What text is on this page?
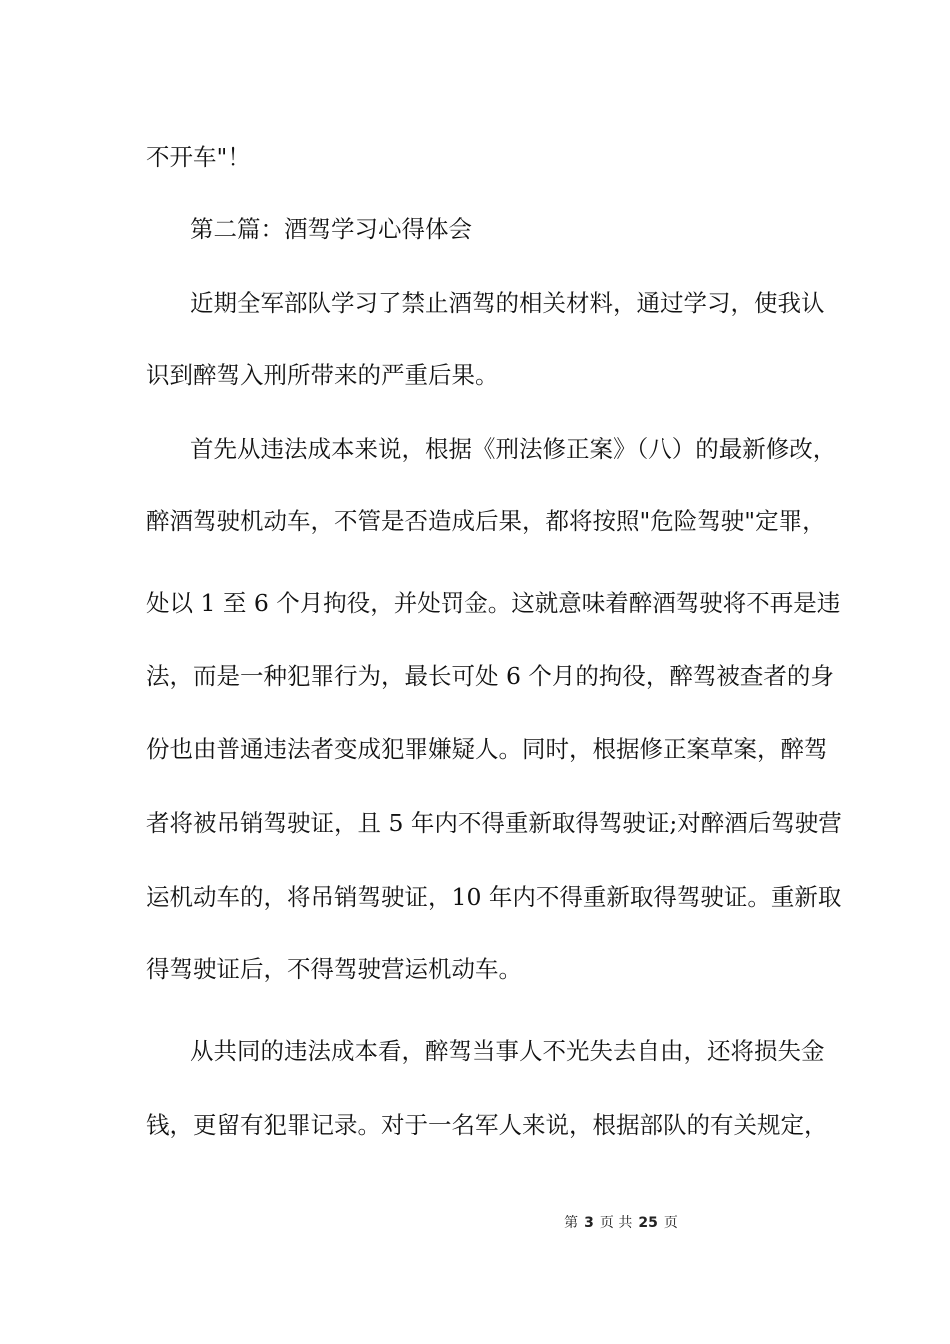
不开车"！
第二篇：酒驾学习心得体会
近期全军部队学习了禁止酒驾的相关材料，通过学习，使我认
识到醉驾入刑所带来的严重后果。
首先从违法成本来说，根据《刑法修正案》（八）的最新修改，
醉酒驾驶机动车，不管是否造成后果，都将按照"危险驾驶"定罪，
处以 1 至 6 个月拘役，并处罚金。这就意味着醉酒驾驶将不再是违
法，而是一种犯罪行为，最长可处 6 个月的拘役，醉驾被查者的身
份也由普通违法者变成犯罪嫌疑人。同时，根据修正案草案，醉驾
者将被吊销驾驶证，且 5 年内不得重新取得驾驶证;对醉酒后驾驶营
运机动车的，将吊销驾驶证，10 年内不得重新取得驾驶证。重新取
得驾驶证后，不得驾驶营运机动车。
从共同的违法成本看，醉驾当事人不光失去自由，还将损失金
钱，更留有犯罪记录。对于一名军人来说，根据部队的有关规定，
第 3 页 共 25 页
